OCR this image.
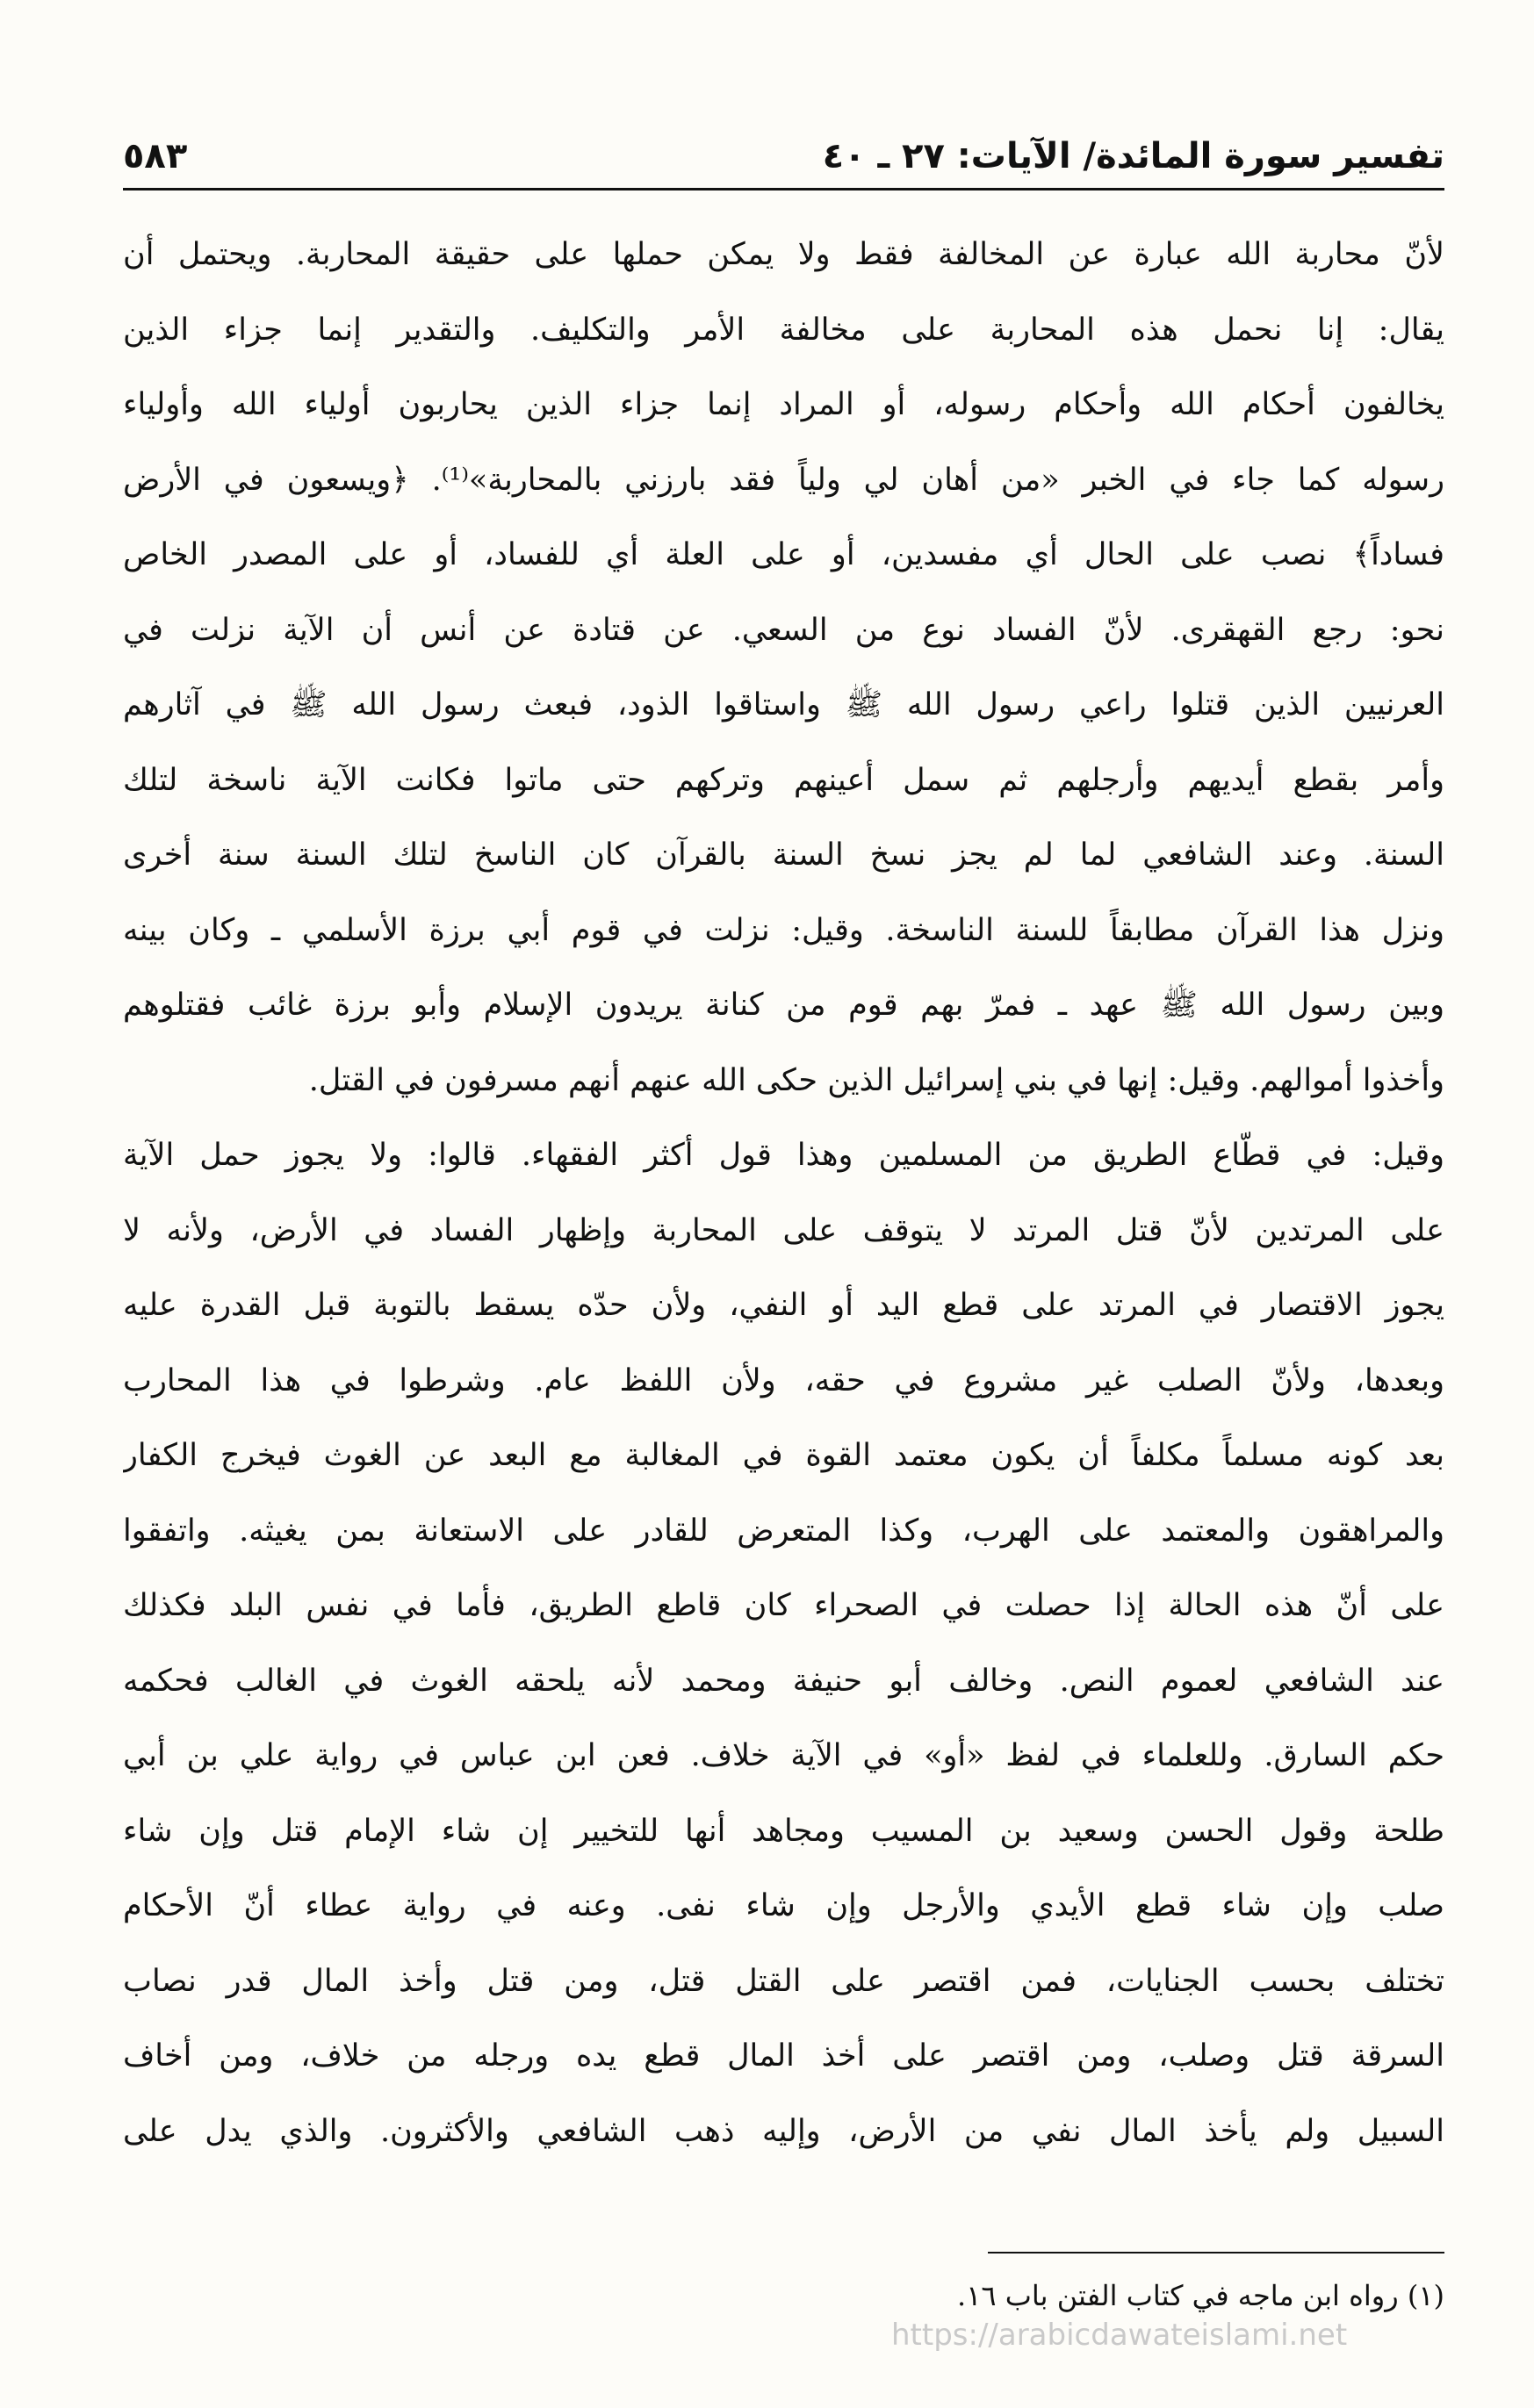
تفسير سورة المائدة/ الآيات: ٢٧ ـ ٤٠
٥٨٣
لأنّ محاربة الله عبارة عن المخالفة فقط ولا يمكن حملها على حقيقة المحاربة. ويحتمل أن
يقال: إنا نحمل هذه المحاربة على مخالفة الأمر والتكليف. والتقدير إنما جزاء الذين
يخالفون أحكام الله وأحكام رسوله، أو المراد إنما جزاء الذين يحاربون أولياء الله وأولياء
رسوله كما جاء في الخبر «من أهان لي ولياً فقد بارزني بالمحاربة»⁽¹⁾. ﴿ويسعون في الأرض
فساداً﴾ نصب على الحال أي مفسدين، أو على العلة أي للفساد، أو على المصدر الخاص
نحو: رجع القهقرى. لأنّ الفساد نوع من السعي. عن قتادة عن أنس أن الآية نزلت في
العرنيين الذين قتلوا راعي رسول الله ﷺ واستاقوا الذود، فبعث رسول الله ﷺ في آثارهم
وأمر بقطع أيديهم وأرجلهم ثم سمل أعينهم وتركهم حتى ماتوا فكانت الآية ناسخة لتلك
السنة. وعند الشافعي لما لم يجز نسخ السنة بالقرآن كان الناسخ لتلك السنة سنة أخرى
ونزل هذا القرآن مطابقاً للسنة الناسخة. وقيل: نزلت في قوم أبي برزة الأسلمي ـ وكان بينه
وبين رسول الله ﷺ عهد ـ فمرّ بهم قوم من كنانة يريدون الإسلام وأبو برزة غائب فقتلوهم
وأخذوا أموالهم. وقيل: إنها في بني إسرائيل الذين حكى الله عنهم أنهم مسرفون في القتل.
وقيل: في قطّاع الطريق من المسلمين وهذا قول أكثر الفقهاء. قالوا: ولا يجوز حمل الآية
على المرتدين لأنّ قتل المرتد لا يتوقف على المحاربة وإظهار الفساد في الأرض، ولأنه لا
يجوز الاقتصار في المرتد على قطع اليد أو النفي، ولأن حدّه يسقط بالتوبة قبل القدرة عليه
وبعدها، ولأنّ الصلب غير مشروع في حقه، ولأن اللفظ عام. وشرطوا في هذا المحارب
بعد كونه مسلماً مكلفاً أن يكون معتمد القوة في المغالبة مع البعد عن الغوث فيخرج الكفار
والمراهقون والمعتمد على الهرب، وكذا المتعرض للقادر على الاستعانة بمن يغيثه. واتفقوا
على أنّ هذه الحالة إذا حصلت في الصحراء كان قاطع الطريق، فأما في نفس البلد فكذلك
عند الشافعي لعموم النص. وخالف أبو حنيفة ومحمد لأنه يلحقه الغوث في الغالب فحكمه
حكم السارق. وللعلماء في لفظ «أو» في الآية خلاف. فعن ابن عباس في رواية علي بن أبي
طلحة وقول الحسن وسعيد بن المسيب ومجاهد أنها للتخيير إن شاء الإمام قتل وإن شاء
صلب وإن شاء قطع الأيدي والأرجل وإن شاء نفى. وعنه في رواية عطاء أنّ الأحكام
تختلف بحسب الجنايات، فمن اقتصر على القتل قتل، ومن قتل وأخذ المال قدر نصاب
السرقة قتل وصلب، ومن اقتصر على أخذ المال قطع يده ورجله من خلاف، ومن أخاف
السبيل ولم يأخذ المال نفي من الأرض، وإليه ذهب الشافعي والأكثرون. والذي يدل على
(١) رواه ابن ماجه في كتاب الفتن باب ١٦.
https://arabicdawateislami.net
